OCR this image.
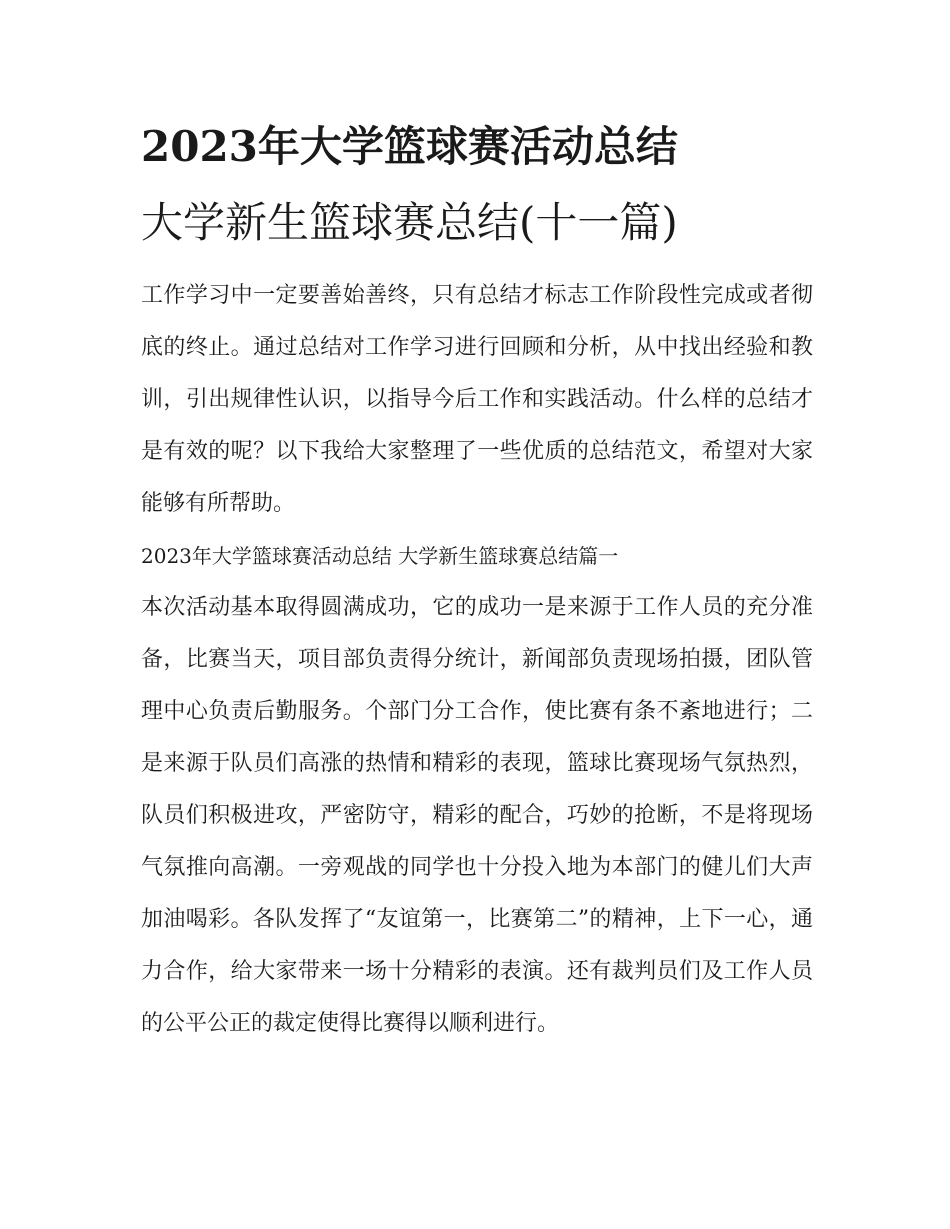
2023年大学篮球赛活动总结
大学新生篮球赛总结(十一篇)

工作学习中一定要善始善终，只有总结才标志工作阶段性完成或者彻底的终止。通过总结对工作学习进行回顾和分析，从中找出经验和教训，引出规律性认识，以指导今后工作和实践活动。什么样的总结才是有效的呢？以下我给大家整理了一些优质的总结范文，希望对大家能够有所帮助。

2023年大学篮球赛活动总结 大学新生篮球赛总结篇一

本次活动基本取得圆满成功，它的成功一是来源于工作人员的充分准备，比赛当天，项目部负责得分统计，新闻部负责现场拍摄，团队管理中心负责后勤服务。个部门分工合作，使比赛有条不紊地进行；二是来源于队员们高涨的热情和精彩的表现，篮球比赛现场气氛热烈，队员们积极进攻，严密防守，精彩的配合，巧妙的抢断，不是将现场气氛推向高潮。一旁观战的同学也十分投入地为本部门的健儿们大声加油喝彩。各队发挥了“友谊第一，比赛第二”的精神，上下一心，通力合作，给大家带来一场十分精彩的表演。还有裁判员们及工作人员的公平公正的裁定使得比赛得以顺利进行。
